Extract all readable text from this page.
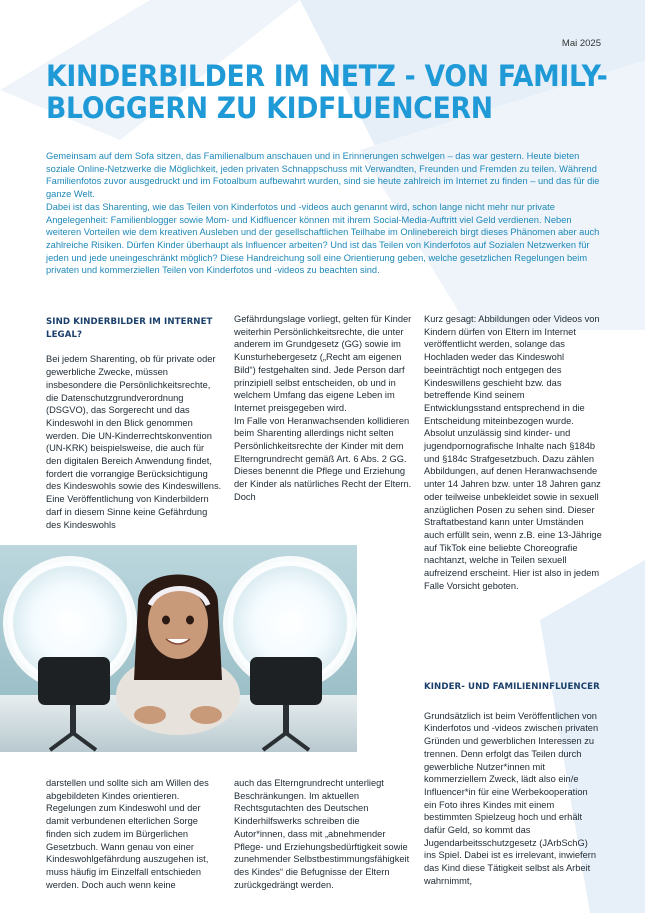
Mai 2025
KINDERBILDER IM NETZ - VON FAMILY-
BLOGGERN ZU KIDFLUENCERN

Gemeinsam auf dem Sofa sitzen, das Familienalbum anschauen und in Erinnerungen schwelgen – das war gestern. Heute bieten soziale Online-Netzwerke die Möglichkeit, jeden privaten Schnappschuss mit Verwandten, Freunden und Fremden zu teilen. Während Familienfotos zuvor ausgedruckt und im Fotoalbum aufbewahrt wurden, sind sie heute zahlreich im Internet zu finden – und das für die ganze Welt.

Dabei ist das Sharenting, wie das Teilen von Kinderfotos und -videos auch genannt wird, schon lange nicht mehr nur private Angelegenheit: Familienblogger sowie Mom- und Kidfluencer können mit ihrem Social-Media-Auftritt viel Geld verdienen. Neben weiteren Vorteilen wie dem kreativen Ausleben und der gesellschaftlichen Teilhabe im Onlinebereich birgt dieses Phänomen aber auch zahlreiche Risiken. Dürfen Kinder überhaupt als Influencer arbeiten? Und ist das Teilen von Kinderfotos auf Sozialen Netzwerken für jeden und jede uneingeschränkt möglich? Diese Handreichung soll eine Orientierung geben, welche gesetzlichen Regelungen beim privaten und kommerziellen Teilen von Kinderfotos und -videos zu beachten sind.

SIND KINDERBILDER IM INTERNET LEGAL?

Bei jedem Sharenting, ob für private oder gewerbliche Zwecke, müssen insbesondere die Persönlichkeitsrechte, die Datenschutzgrundverordnung (DSGVO), das Sorgerecht und das Kindeswohl in den Blick genommen werden. Die UN-Kinderrechtskonvention (UN-KRK) beispielsweise, die auch für den digitalen Bereich Anwendung findet, fordert die vorrangige Berücksichtigung des Kindeswohls sowie des Kindeswillens. Eine Veröffentlichung von Kinderbildern darf in diesem Sinne keine Gefährdung des Kindeswohls

darstellen und sollte sich am Willen des abgebildeten Kindes orientieren. Regelungen zum Kindeswohl und der damit verbundenen elterlichen Sorge finden sich zudem im Bürgerlichen Gesetzbuch. Wann genau von einer Kindeswohlgefährdung auszugehen ist, muss häufig im Einzelfall entschieden werden. Doch auch wenn keine

Gefährdungslage vorliegt, gelten für Kinder weiterhin Persönlichkeitsrechte, die unter anderem im Grundgesetz (GG) sowie im Kunsturhebergesetz („Recht am eigenen Bild“) festgehalten sind. Jede Person darf prinzipiell selbst entscheiden, ob und in welchem Umfang das eigene Leben im Internet preisgegeben wird.

Im Falle von Heranwachsenden kollidieren beim Sharenting allerdings nicht selten Persönlichkeitsrechte der Kinder mit dem Elterngrundrecht gemäß Art. 6 Abs. 2 GG. Dieses benennt die Pflege und Erziehung der Kinder als natürliches Recht der Eltern. Doch

auch das Elterngrundrecht unterliegt Beschränkungen. Im aktuellen Rechtsgutachten des Deutschen Kinderhilfswerks schreiben die Autor*innen, dass mit „abnehmender Pflege- und Erziehungsbedürftigkeit sowie zunehmender Selbstbestimmungsfähigkeit des Kindes“ die Befugnisse der Eltern zurückgedrängt werden.

Kurz gesagt: Abbildungen oder Videos von Kindern dürfen von Eltern im Internet veröffentlicht werden, solange das Hochladen weder das Kindeswohl beeinträchtigt noch entgegen des Kindeswillens geschieht bzw. das betreffende Kind seinem Entwicklungsstand entsprechend in die Entscheidung miteinbezogen wurde.

Absolut unzulässig sind kinder- und jugendpornografische Inhalte nach §184b und §184c Strafgesetzbuch. Dazu zählen Abbildungen, auf denen Heranwachsende unter 14 Jahren bzw. unter 18 Jahren ganz oder teilweise unbekleidet sowie in sexuell anzüglichen Posen zu sehen sind. Dieser Straftatbestand kann unter Umständen auch erfüllt sein, wenn z.B. eine 13-Jährige auf TikTok eine beliebte Choreografie nachtanzt, welche in Teilen sexuell aufreizend erscheint. Hier ist also in jedem Falle Vorsicht geboten.

KINDER- UND FAMILIENINFLUENCER

Grundsätzlich ist beim Veröffentlichen von Kinderfotos und -videos zwischen privaten Gründen und gewerblichen Interessen zu trennen. Denn erfolgt das Teilen durch gewerbliche Nutzer*innen mit kommerziellem Zweck, lädt also ein/e Influencer*in für eine Werbekooperation ein Foto ihres Kindes mit einem bestimmten Spielzeug hoch und erhält dafür Geld, so kommt das Jugendarbeitsschutzgesetz (JArbSchG) ins Spiel. Dabei ist es irrelevant, inwiefern das Kind diese Tätigkeit selbst als Arbeit wahrnimmt,
